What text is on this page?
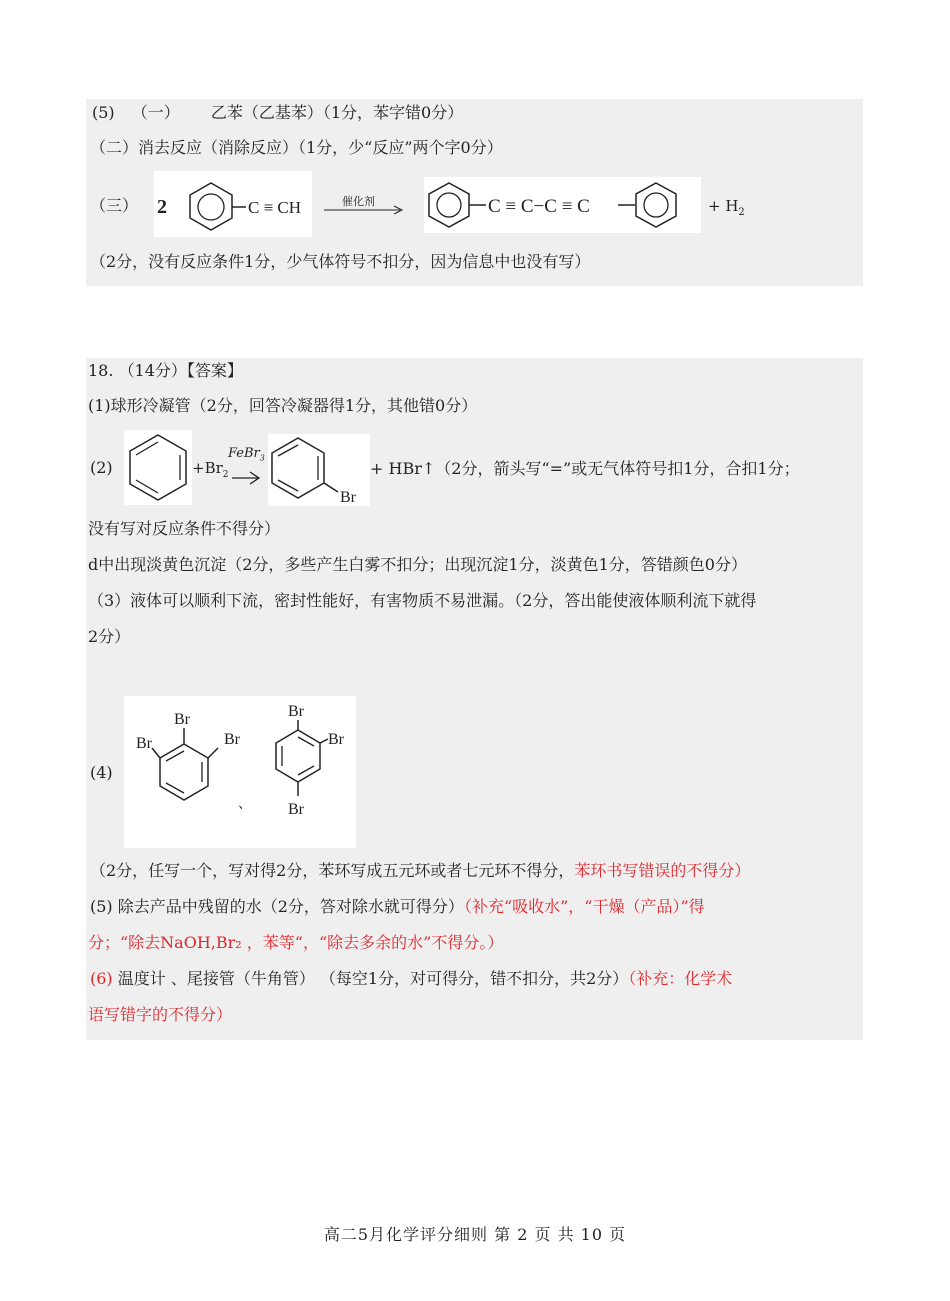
(5) （一） 乙苯（乙基苯）（1分，苯字错0分）
（二）消去反应（消除反应）（1分，少“反应”两个字0分）
（三） 2	C ≡ CH	催化剂	C ≡ C−C ≡ C	+ $H_2$
（2分，没有反应条件1分，少气体符号不扣分，因为信息中也没有写）
18. （14分）【答案】
(1)球形冷凝管（2分，回答冷凝器得1分，其他错0分）
(2)	$+Br_2$
FeBr$_3$
Br
+ HBr↑（2分，箭头写“=”或无气体符号扣1分，合扣1分；
没有写对反应条件不得分）
d中出现淡黄色沉淀（2分，多些产生白雾不扣分；出现沉淀1分，淡黄色1分，答错颜色0分）
（3）液体可以顺利下流，密封性能好，有害物质不易泄漏。（2分，答出能使液体顺利流下就得
2分）
(4)
Br
Br	Br
、
Br
Br
Br
（2分，任写一个，写对得2分，苯环写成五元环或者七元环不得分，苯环书写错误的不得分）
(5) 除去产品中残留的水（2分，答对除水就可得分）（补充“吸收水”，“干燥（产品）”得
分；“除去NaOH,Br₂ ，苯等“，“除去多余的水”不得分。）
(6) 温度计 、尾接管（牛角管） （每空1分，对可得分，错不扣分，共2分）（补充：化学术
语写错字的不得分）
高二5月化学评分细则 第 2 页 共 10 页
